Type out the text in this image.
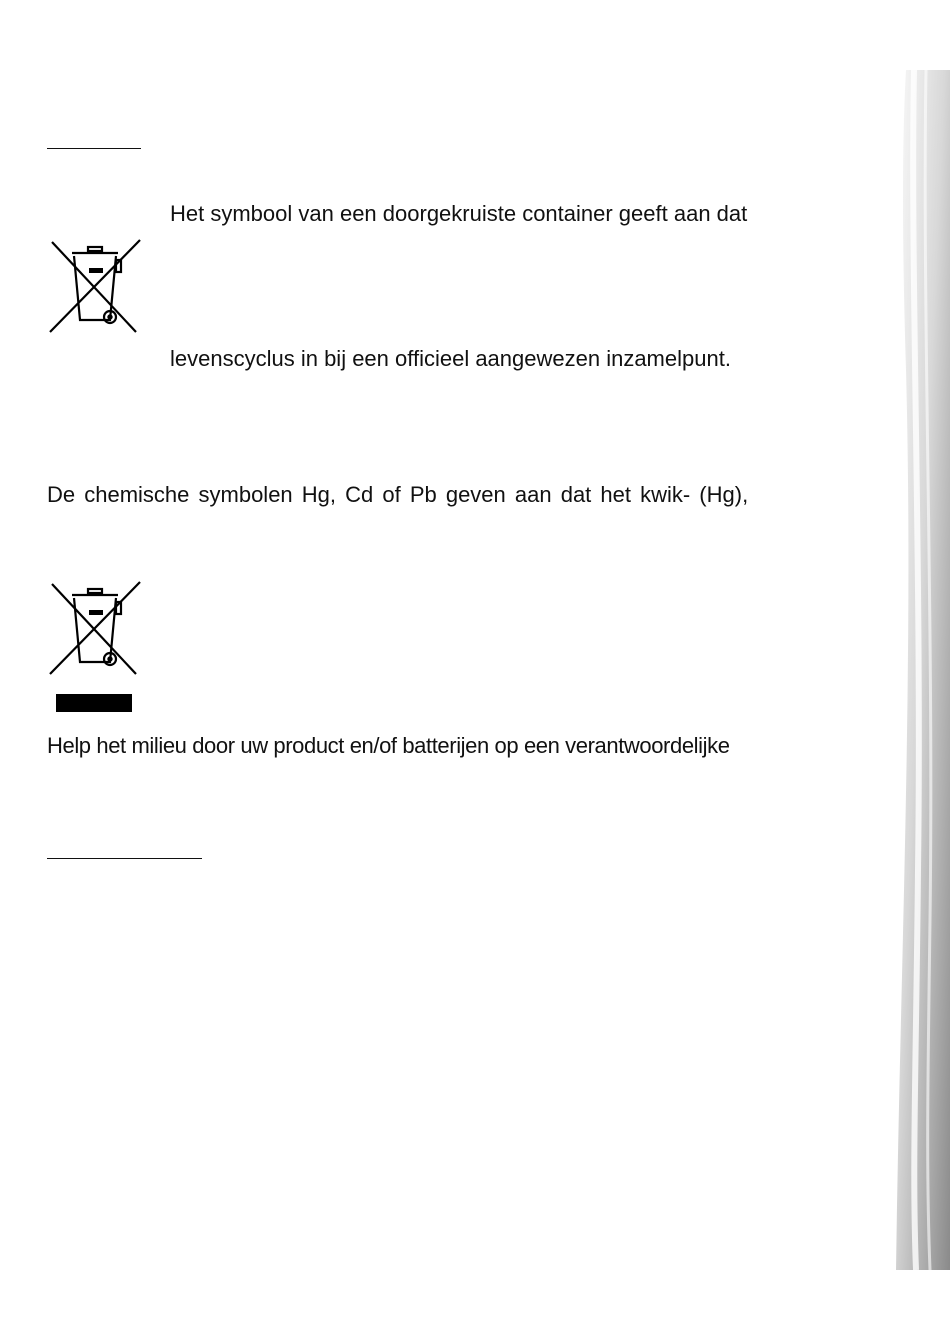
Het symbool van een doorgekruiste container geeft aan dat
levenscyclus in bij een officieel aangewezen inzamelpunt.
De chemische symbolen Hg, Cd of Pb geven aan dat het kwik- (Hg),
Help het milieu door uw product en/of batterijen op een verantwoordelijke
